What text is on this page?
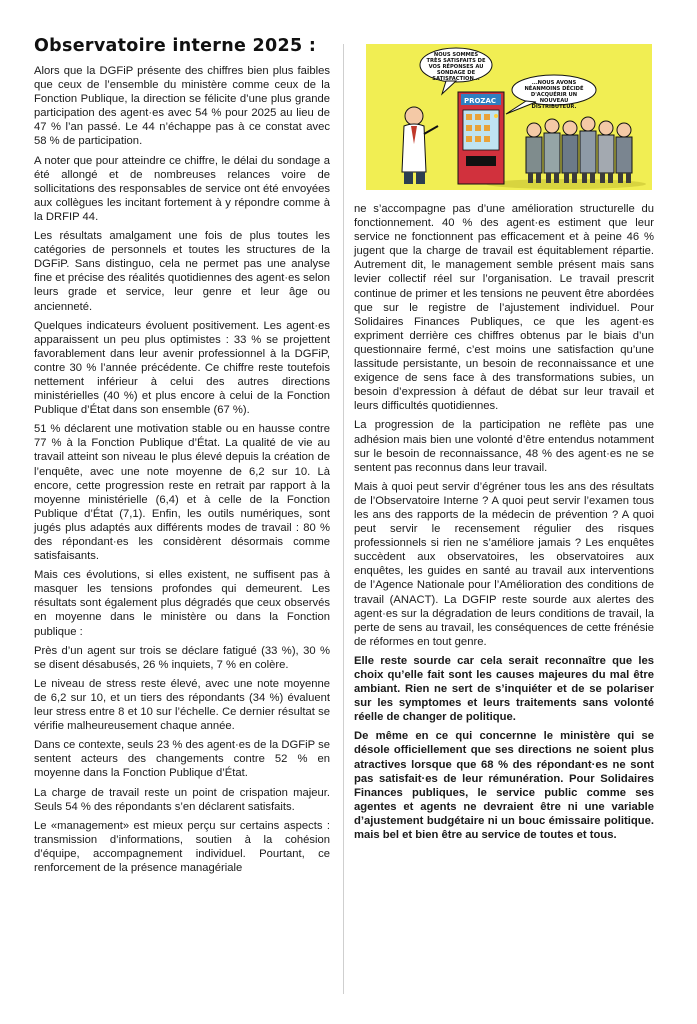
Observatoire interne 2025 :

Alors que la DGFiP présente des chiffres bien plus faibles que ceux de l’ensemble du ministère comme ceux de la Fonction Publique, la direction se félicite d’une plus grande participation des agent·es avec 54 % pour 2025 au lieu de 47 % l’an passé. Le 44 n’échappe pas à ce constat avec 58 % de participation.

A noter que pour atteindre ce chiffre, le délai du sondage a été allongé et de nombreuses relances voire de sollicitations des responsables de service ont été envoyées aux collègues les incitant fortement à y répondre comme à la DRFIP 44.

Les résultats amalgament une fois de plus toutes les catégories de personnels et toutes les structures de la DGFiP. Sans distinguo, cela ne permet pas une analyse fine et précise des réalités quotidiennes des agent·es selon leurs grade et service, leur genre et leur âge ou ancienneté.

Quelques indicateurs évoluent positivement. Les agent·es apparaissent un peu plus optimistes : 33 % se projettent favorablement dans leur avenir professionnel à la DGFiP, contre 30 % l’année précédente. Ce chiffre reste toutefois nettement inférieur à celui des autres directions ministérielles (40 %) et plus encore à celui de la Fonction Publique d’État dans son ensemble (67 %).

51 % déclarent une motivation stable ou en hausse contre 77 % à la Fonction Publique d’État. La qualité de vie au travail atteint son niveau le plus élevé depuis la création de l’enquête, avec une note moyenne de 6,2 sur 10. Là encore, cette progression reste en retrait par rapport à la moyenne ministérielle (6,4) et à celle de la Fonction Publique d’État (7,1). Enfin, les outils numériques, sont jugés plus adaptés aux différents modes de travail : 80 % des répondant·es les considèrent désormais comme satisfaisants.

Mais ces évolutions, si elles existent, ne suffisent pas à masquer les tensions profondes qui demeurent. Les résultats sont également plus dégradés que ceux observés en moyenne dans le ministère ou dans la Fonction publique :

Près d’un agent sur trois se déclare fatigué (33 %), 30 % se disent désabusés, 26 % inquiets, 7 % en colère.

Le niveau de stress reste élevé, avec une note moyenne de 6,2 sur 10, et un tiers des répondants (34 %) évaluent leur stress entre 8 et 10 sur l’échelle. Ce dernier résultat se vérifie malheureusement chaque année.

Dans ce contexte, seuls 23 % des agent·es de la DGFiP se sentent acteurs des changements contre 52 % en moyenne dans la Fonction Publique d’État.

La charge de travail reste un point de crispation majeur. Seuls 54 % des répondants s’en déclarent satisfaits.

Le «management» est mieux perçu sur certains aspects : transmission d’informations, soutien à la cohésion d’équipe, accompagnement individuel. Pourtant, ce renforcement de la présence managériale

NOUS SOMMES TRÈS SATISFAITS DE VOS RÉPONSES AU SONDAGE DE SATISFACTION...
...NOUS AVONS NÉANMOINS DÉCIDÉ D'ACQUÉRIR UN NOUVEAU DISTRIBUTEUR.
PROZAC

ne s’accompagne pas d’une amélioration structurelle du fonctionnement. 40 % des agent·es estiment que leur service ne fonctionnent pas efficacement et à peine 46 % jugent que la charge de travail est équitablement répartie. Autrement dit, le management semble présent mais sans levier collectif réel sur l’organisation. Le travail prescrit continue de primer et les tensions ne peuvent être abordées que sur le registre de l’ajustement individuel. Pour Solidaires Finances Publiques, ce que les agent·es expriment derrière ces chiffres obtenus par le biais d’un questionnaire fermé, c’est moins une satisfaction qu’une lassitude persistante, un besoin de reconnaissance et une exigence de sens face à des transformations subies, un besoin d’expression à défaut de débat sur leur travail et leurs difficultés quotidiennes.

La progression de la participation ne reflète pas une adhésion mais bien une volonté d’être entendus notamment sur le besoin de reconnaissance, 48 % des agent·es ne se sentent pas reconnus dans leur travail.

Mais à quoi peut servir d’égréner tous les ans des résultats de l’Observatoire Interne ? A quoi peut servir l’examen tous les ans des rapports de la médecin de prévention ? A quoi peut servir le recensement régulier des risques professionnels si rien ne s’améliore jamais ? Les enquêtes succèdent aux observatoires, les observatoires aux enquêtes, les guides en santé au travail aux interventions de l’Agence Nationale pour l’Amélioration des conditions de travail (ANACT). La DGFIP reste sourde aux alertes des agent·es sur la dégradation de leurs conditions de travail, la perte de sens au travail, les conséquences de cette frénésie de réformes en tout genre.

Elle reste sourde car cela serait reconnaître que les choix qu’elle fait sont les causes majeures du mal être ambiant. Rien ne sert de s’inquiéter et de se polariser sur les symptomes et leurs traitements sans volonté réelle de changer de politique.

De même en ce qui concernne le ministère qui se désole officiellement que ses directions ne soient plus atractives lorsque que 68 % des répondant·es ne sont pas satisfait·es de leur rémunération. Pour Solidaires Finances publiques, le service public comme ses agentes et agents ne devraient être ni une variable d’ajustement budgétaire ni un bouc émissaire politique. mais bel et bien être au service de toutes et tous.
